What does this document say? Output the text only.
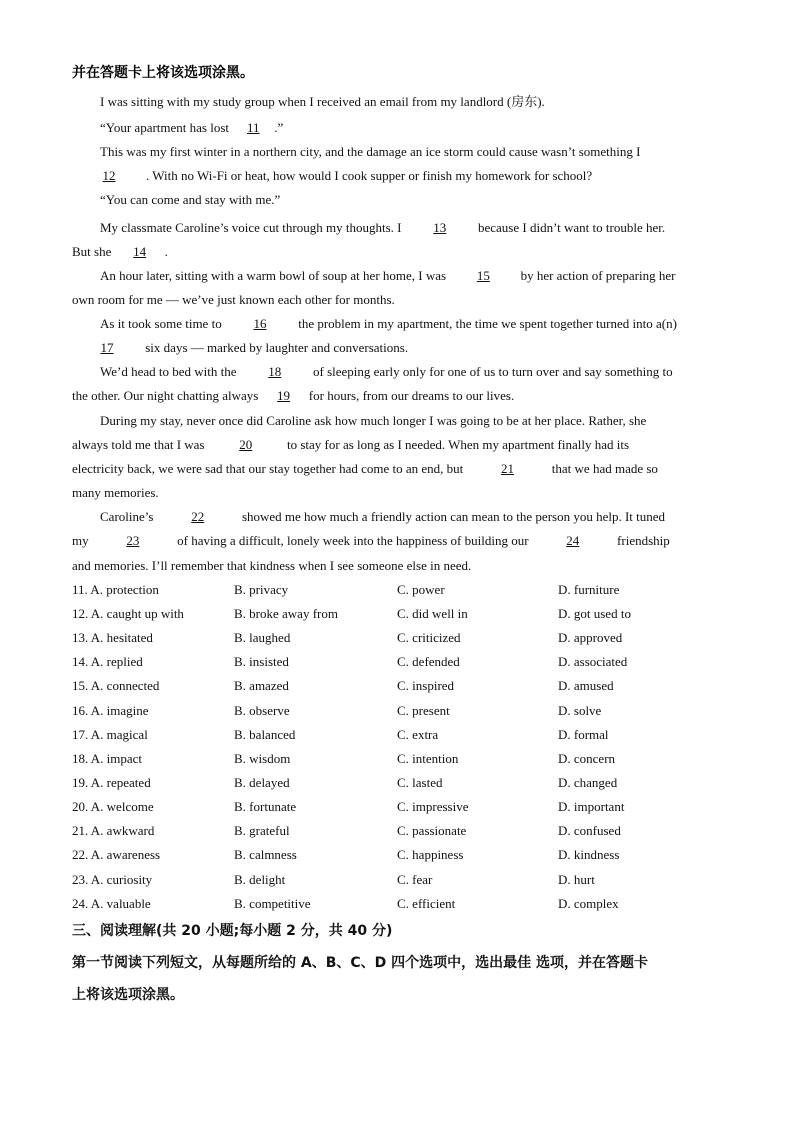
并在答题卡上将该选项涂黑。
I was sitting with my study group when I received an email from my landlord (房东).
“Your apartment has lost 11 .”
This was my first winter in a northern city, and the damage an ice storm could cause wasn’t something I
12 . With no Wi-Fi or heat, how would I cook supper or finish my homework for school?
“You can come and stay with me.”
My classmate Caroline’s voice cut through my thoughts. I 13 because I didn’t want to trouble her.
But she 14 .
An hour later, sitting with a warm bowl of soup at her home, I was 15 by her action of preparing her
own room for me — we’ve just known each other for months.
As it took some time to 16 the problem in my apartment, the time we spent together turned into a(n)
17 six days — marked by laughter and conversations.
We’d head to bed with the 18 of sleeping early only for one of us to turn over and say something to
the other. Our night chatting always 19 for hours, from our dreams to our lives.
During my stay, never once did Caroline ask how much longer I was going to be at her place. Rather, she
always told me that I was 20 to stay for as long as I needed. When my apartment finally had its
electricity back, we were sad that our stay together had come to an end, but	21	that we had made so
many memories.
Caroline’s	22	showed me how much a friendly action can mean to the person you help. It tuned
my	23	of having a difficult, lonely week into the happiness of building our	24	friendship
and memories. I’ll remember that kindness when I see someone else in need.
11. A. protection	B. privacy	C. power	D. furniture
12. A. caught up with	B. broke away from	C. did well in	D. got used to
13. A. hesitated	B. laughed	C. criticized	D. approved
14. A. replied	B. insisted	C. defended	D. associated
15. A. connected	B. amazed	C. inspired	D. amused
16. A. imagine	B. observe	C. present	D. solve
17. A. magical	B. balanced	C. extra	D. formal
18. A. impact	B. wisdom	C. intention	D. concern
19. A. repeated	B. delayed	C. lasted	D. changed
20. A. welcome	B. fortunate	C. impressive	D. important
21. A. awkward	B. grateful	C. passionate	D. confused
22. A. awareness	B. calmness	C. happiness	D. kindness
23. A. curiosity	B. delight	C. fear	D. hurt
24. A. valuable	B. competitive	C. efficient	D. complex
三、阅读理解(共 20 小题;每小题 2 分，共 40 分)
第一节阅读下列短文，从每题所给的 A、B、C、D 四个选项中，选出最佳 选项，并在答题卡
上将该选项涂黑。
